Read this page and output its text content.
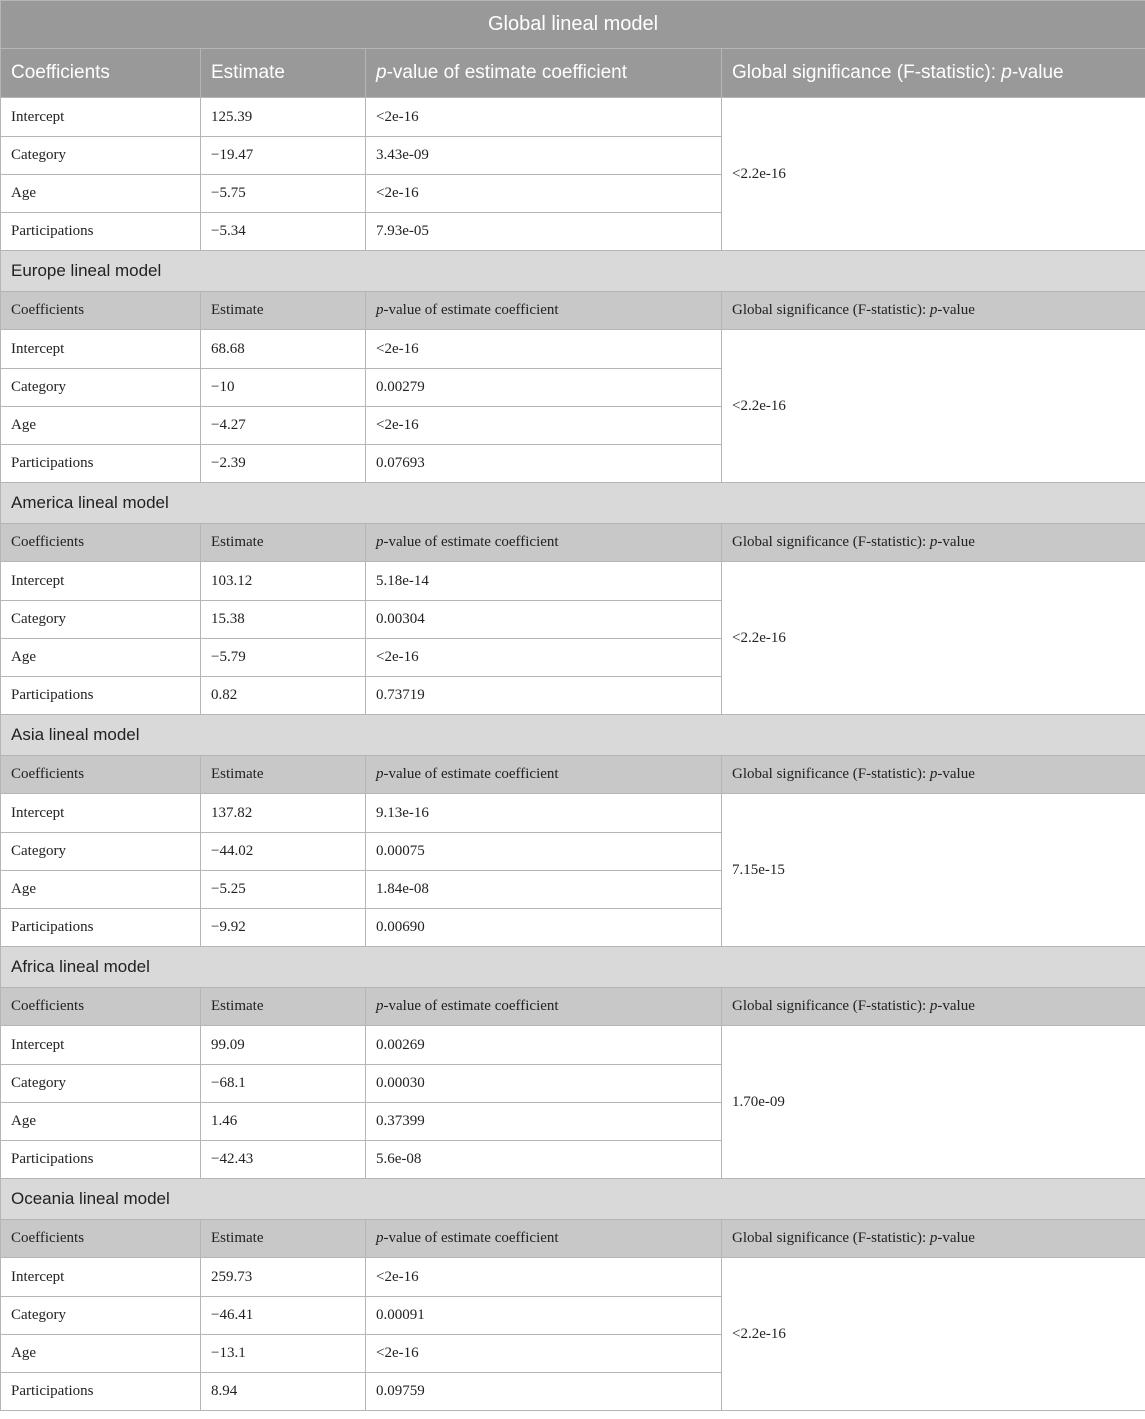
Global lineal model			
Coefficients	Estimate	p-value of estimate coefficient	Global significance (F-statistic): p-value
Intercept	125.39	<2e-16	<2.2e-16
Category	−19.47	3.43e-09	
Age	−5.75	<2e-16	
Participations	−5.34	7.93e-05	
Europe lineal model			
Coefficients	Estimate	p-value of estimate coefficient	Global significance (F-statistic): p-value
Intercept	68.68	<2e-16	<2.2e-16
Category	−10	0.00279	
Age	−4.27	<2e-16	
Participations	−2.39	0.07693	
America lineal model			
Coefficients	Estimate	p-value of estimate coefficient	Global significance (F-statistic): p-value
Intercept	103.12	5.18e-14	<2.2e-16
Category	15.38	0.00304	
Age	−5.79	<2e-16	
Participations	0.82	0.73719	
Asia lineal model			
Coefficients	Estimate	p-value of estimate coefficient	Global significance (F-statistic): p-value
Intercept	137.82	9.13e-16	7.15e-15
Category	−44.02	0.00075	
Age	−5.25	1.84e-08	
Participations	−9.92	0.00690	
Africa lineal model			
Coefficients	Estimate	p-value of estimate coefficient	Global significance (F-statistic): p-value
Intercept	99.09	0.00269	1.70e-09
Category	−68.1	0.00030	
Age	1.46	0.37399	
Participations	−42.43	5.6e-08	
Oceania lineal model			
Coefficients	Estimate	p-value of estimate coefficient	Global significance (F-statistic): p-value
Intercept	259.73	<2e-16	<2.2e-16
Category	−46.41	0.00091	
Age	−13.1	<2e-16	
Participations	8.94	0.09759	
